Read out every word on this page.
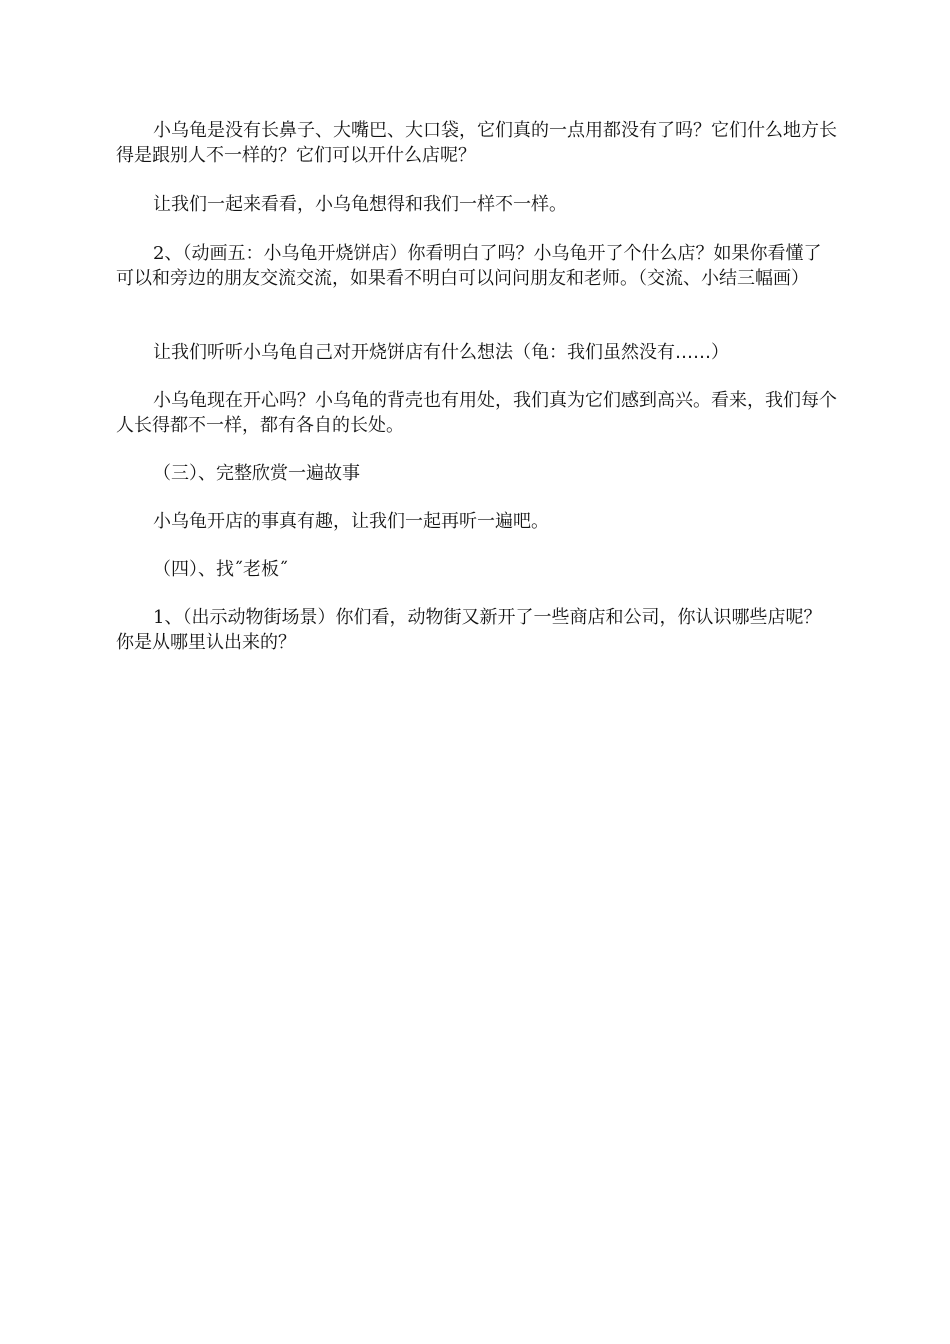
小乌龟是没有长鼻子、大嘴巴、大口袋，它们真的一点用都没有了吗？它们什么地方长得是跟别人不一样的？它们可以开什么店呢？

让我们一起来看看，小乌龟想得和我们一样不一样。

2、（动画五：小乌龟开烧饼店）你看明白了吗？小乌龟开了个什么店？如果你看懂了可以和旁边的朋友交流交流，如果看不明白可以问问朋友和老师。（交流、小结三幅画）

让我们听听小乌龟自己对开烧饼店有什么想法（龟：我们虽然没有……）

小乌龟现在开心吗？小乌龟的背壳也有用处，我们真为它们感到高兴。看来，我们每个人长得都不一样，都有各自的长处。

（三）、完整欣赏一遍故事

小乌龟开店的事真有趣，让我们一起再听一遍吧。

（四）、找˝老板˝

1、（出示动物街场景）你们看，动物街又新开了一些商店和公司，你认识哪些店呢？你是从哪里认出来的？
